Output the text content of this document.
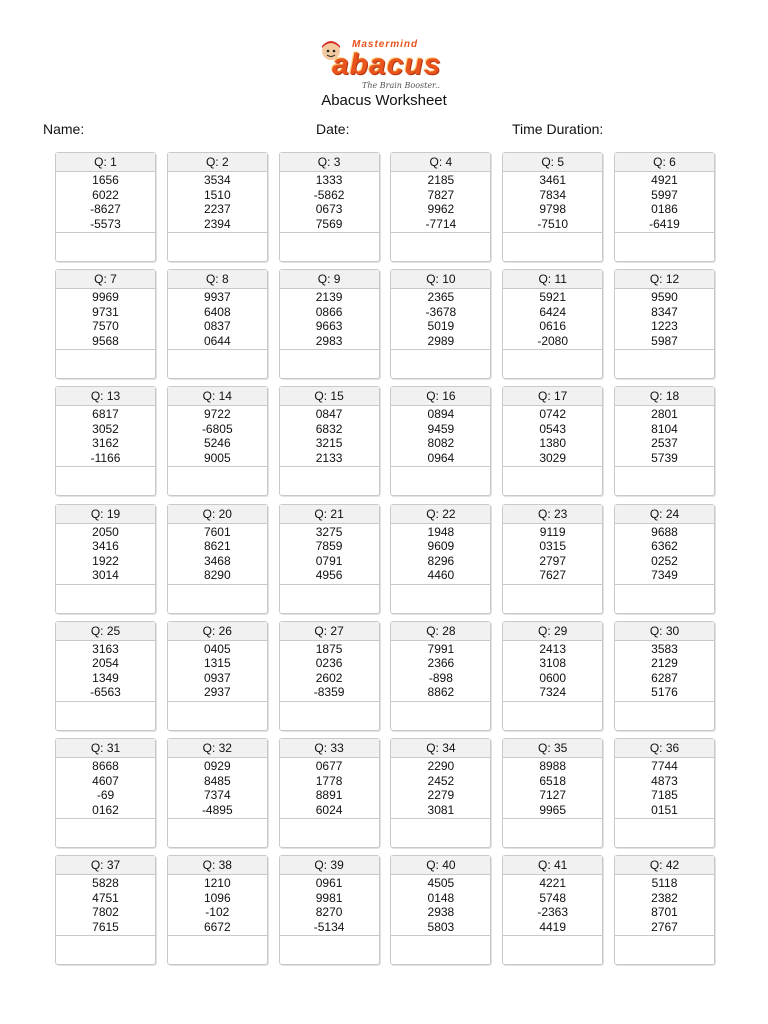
Mastermind
abacus
The Brain Booster..
Abacus Worksheet
Name:	Date:	Time Duration:
Q: 1
1656
6022
-8627
-5573
Q: 2
3534
1510
2237
2394
Q: 3
1333
-5862
0673
7569
Q: 4
2185
7827
9962
-7714
Q: 5
3461
7834
9798
-7510
Q: 6
4921
5997
0186
-6419
Q: 7
9969
9731
7570
9568
Q: 8
9937
6408
0837
0644
Q: 9
2139
0866
9663
2983
Q: 10
2365
-3678
5019
2989
Q: 11
5921
6424
0616
-2080
Q: 12
9590
8347
1223
5987
Q: 13
6817
3052
3162
-1166
Q: 14
9722
-6805
5246
9005
Q: 15
0847
6832
3215
2133
Q: 16
0894
9459
8082
0964
Q: 17
0742
0543
1380
3029
Q: 18
2801
8104
2537
5739
Q: 19
2050
3416
1922
3014
Q: 20
7601
8621
3468
8290
Q: 21
3275
7859
0791
4956
Q: 22
1948
9609
8296
4460
Q: 23
9119
0315
2797
7627
Q: 24
9688
6362
0252
7349
Q: 25
3163
2054
1349
-6563
Q: 26
0405
1315
0937
2937
Q: 27
1875
0236
2602
-8359
Q: 28
7991
2366
-898
8862
Q: 29
2413
3108
0600
7324
Q: 30
3583
2129
6287
5176
Q: 31
8668
4607
-69
0162
Q: 32
0929
8485
7374
-4895
Q: 33
0677
1778
8891
6024
Q: 34
2290
2452
2279
3081
Q: 35
8988
6518
7127
9965
Q: 36
7744
4873
7185
0151
Q: 37
5828
4751
7802
7615
Q: 38
1210
1096
-102
6672
Q: 39
0961
9981
8270
-5134
Q: 40
4505
0148
2938
5803
Q: 41
4221
5748
-2363
4419
Q: 42
5118
2382
8701
2767
